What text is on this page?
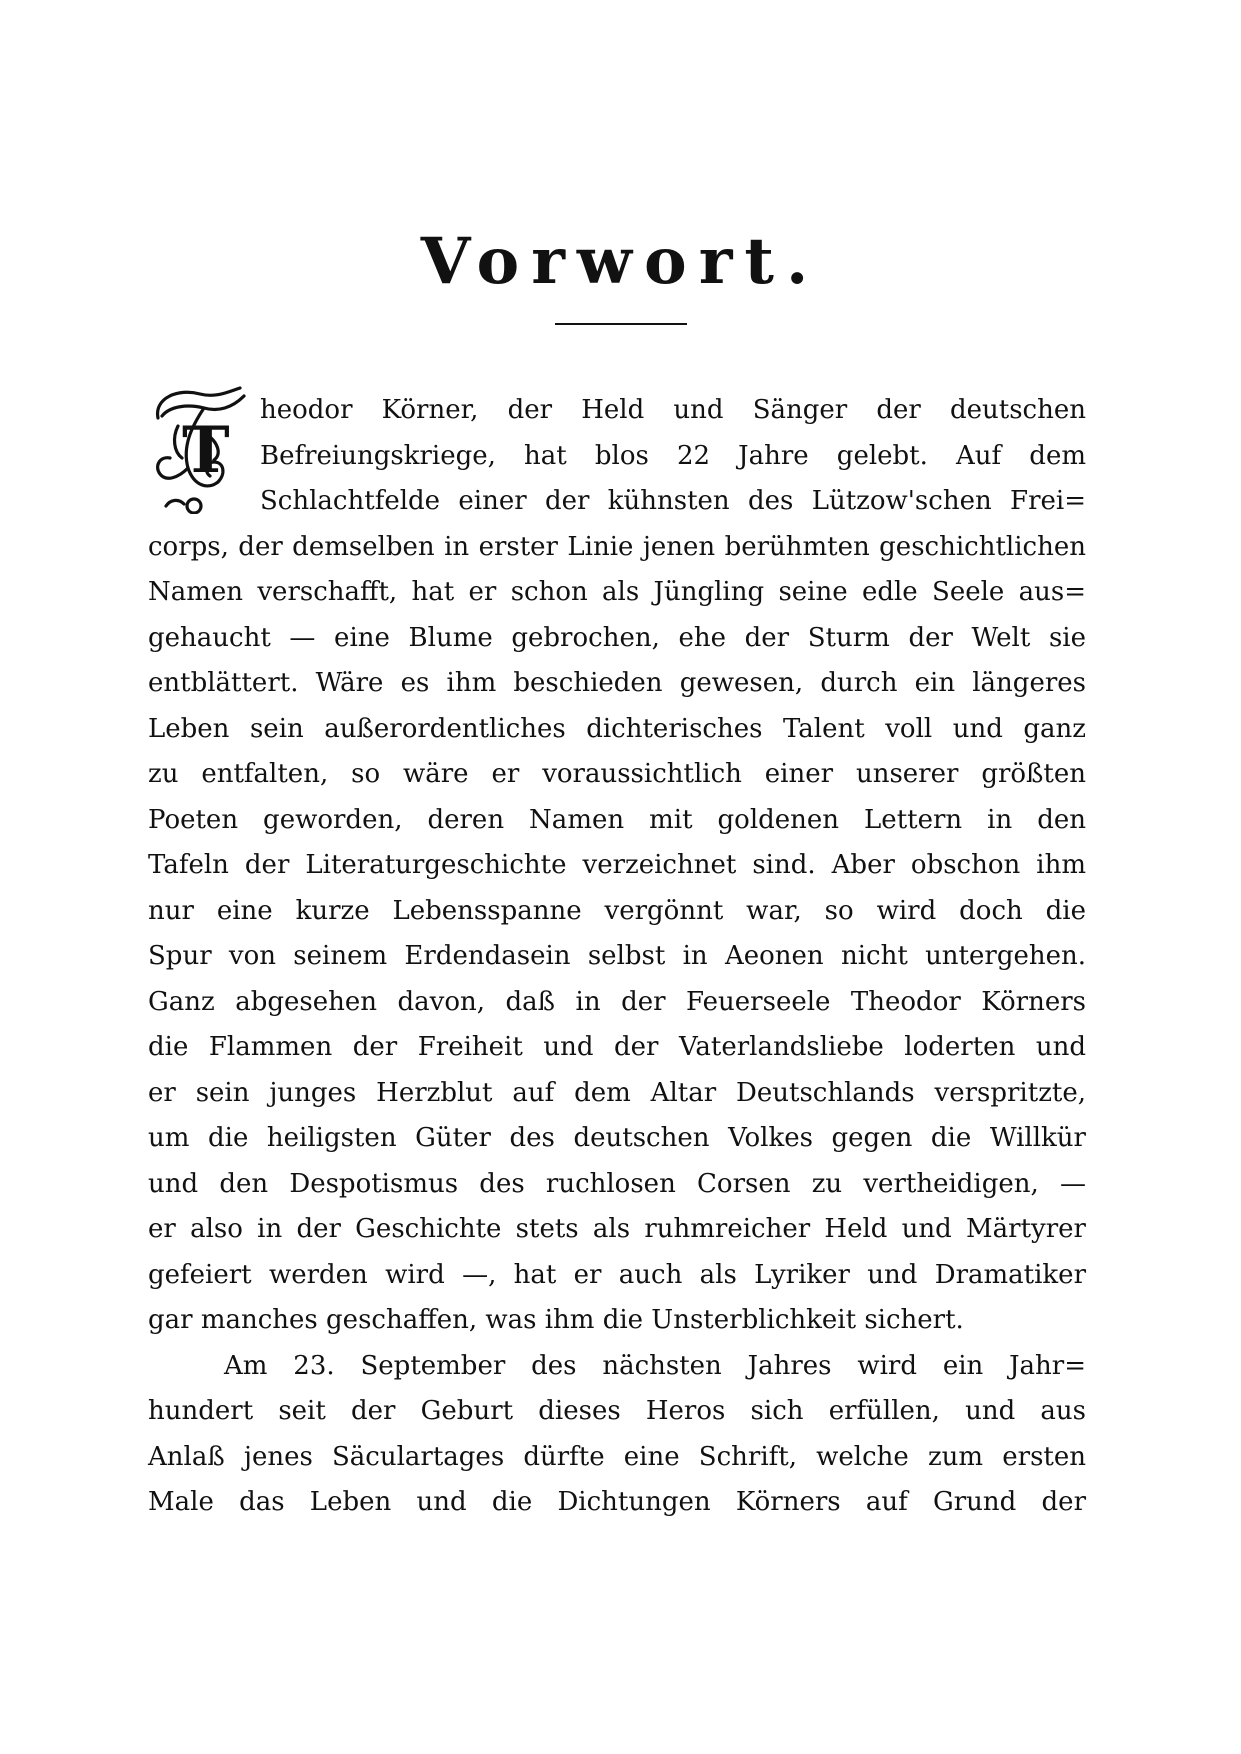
Vorwort.
T
heodor Körner, der Held und Sänger der deutschen
Befreiungskriege, hat blos 22 Jahre gelebt. Auf dem
Schlachtfelde einer der kühnsten des Lützow'schen Frei=
corps, der demselben in erster Linie jenen berühmten geschichtlichen
Namen verschafft, hat er schon als Jüngling seine edle Seele aus=
gehaucht — eine Blume gebrochen, ehe der Sturm der Welt sie
entblättert. Wäre es ihm beschieden gewesen, durch ein längeres
Leben sein außerordentliches dichterisches Talent voll und ganz
zu entfalten, so wäre er voraussichtlich einer unserer größten
Poeten geworden, deren Namen mit goldenen Lettern in den
Tafeln der Literaturgeschichte verzeichnet sind. Aber obschon ihm
nur eine kurze Lebensspanne vergönnt war, so wird doch die
Spur von seinem Erdendasein selbst in Aeonen nicht untergehen.
Ganz abgesehen davon, daß in der Feuerseele Theodor Körners
die Flammen der Freiheit und der Vaterlandsliebe loderten und
er sein junges Herzblut auf dem Altar Deutschlands verspritzte,
um die heiligsten Güter des deutschen Volkes gegen die Willkür
und den Despotismus des ruchlosen Corsen zu vertheidigen, —
er also in der Geschichte stets als ruhmreicher Held und Märtyrer
gefeiert werden wird —, hat er auch als Lyriker und Dramatiker
gar manches geschaffen, was ihm die Unsterblichkeit sichert.
Am 23. September des nächsten Jahres wird ein Jahr=
hundert seit der Geburt dieses Heros sich erfüllen, und aus
Anlaß jenes Säculartages dürfte eine Schrift, welche zum ersten
Male das Leben und die Dichtungen Körners auf Grund der
